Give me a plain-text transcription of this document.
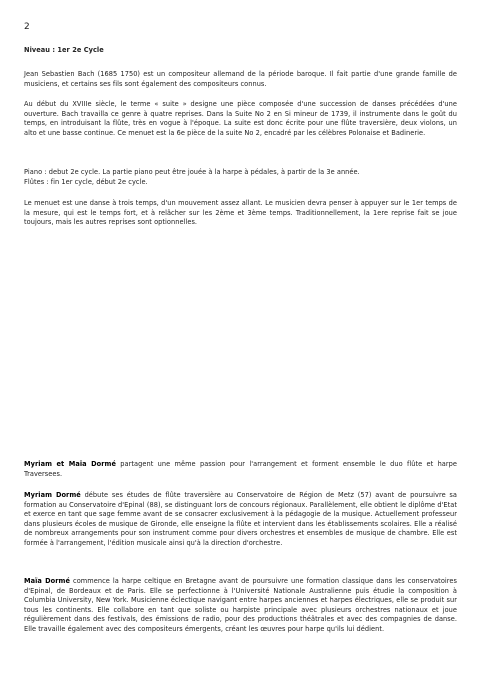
2
Niveau : 1er 2e Cycle
Jean Sebastien Bach (1685 1750) est un compositeur allemand de la période baroque. Il fait partie d'une grande famille de musiciens, et certains ses fils sont également des compositeurs connus.
Au début du XVIIIe siècle, le terme « suite » designe une pièce composée d'une succession de danses précédées d'une ouverture. Bach travailla ce genre à quatre reprises. Dans la Suite No 2 en Si mineur de 1739, il instrumente dans le goût du temps, en introduisant la flûte, très en vogue à l'époque. La suite est donc écrite pour une flûte traversière, deux violons, un alto et une basse continue. Ce menuet est la 6e pièce de la suite No 2, encadré par les célèbres Polonaise et Badinerie.

Piano : debut 2e cycle. La partie piano peut être jouée à la harpe à pédales, à partir de la 3e année.

Flûtes : fin 1er cycle, début 2e cycle.

Le menuet est une danse à trois temps, d'un mouvement assez allant. Le musicien devra penser à appuyer sur le 1er temps de la mesure, qui est le temps fort, et à relâcher sur les 2ème et 3ème temps. Traditionnellement, la 1ere reprise fait se joue toujours, mais les autres reprises sont optionnelles.
Myriam et Maïa Dormé partagent une même passion pour l'arrangement et forment ensemble le duo flûte et harpe Traversees.
Myriam Dormé débute ses études de flûte traversière au Conservatoire de Région de Metz (57) avant de poursuivre sa formation au Conservatoire d'Epinal (88), se distinguant lors de concours régionaux. Parallèlement, elle obtient le diplôme d'Etat et exerce en tant que sage femme avant de se consacrer exclusivement à la pédagogie de la musique. Actuellement professeur dans plusieurs écoles de musique de Gironde, elle enseigne la flûte et intervient dans les établissements scolaires. Elle a réalisé de nombreux arrangements pour son instrument comme pour divers orchestres et ensembles de musique de chambre. Elle est formée à l'arrangement, l'édition musicale ainsi qu'à la direction d'orchestre.
Maïa Dormé commence la harpe celtique en Bretagne avant de poursuivre une formation classique dans les conservatoires d'Epinal, de Bordeaux et de Paris. Elle se perfectionne à l'Université Nationale Australienne puis étudie la composition à Columbia University, New York. Musicienne éclectique navigant entre harpes anciennes et harpes électriques, elle se produit sur tous les continents. Elle collabore en tant que soliste ou harpiste principale avec plusieurs orchestres nationaux et joue régulièrement dans des festivals, des émissions de radio, pour des productions théâtrales et avec des compagnies de danse. Elle travaille également avec des compositeurs émergents, créant les œuvres pour harpe qu'ils lui dédient.
